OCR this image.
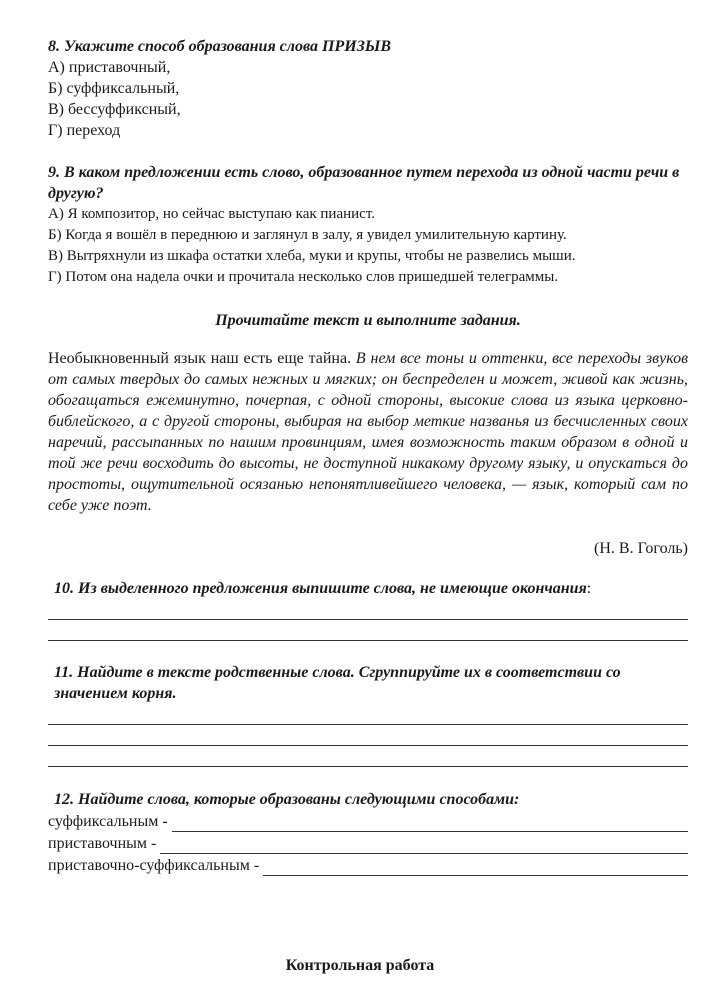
8. Укажите способ образования слова ПРИЗЫВ
А) приставочный,
Б) суффиксальный,
В) бессуффиксный,
Г) переход
9. В каком предложении есть слово, образованное путем перехода из одной части речи в другую?
А) Я композитор, но сейчас выступаю как пианист.
Б) Когда я вошёл в переднюю и заглянул в залу, я увидел умилительную картину.
В) Вытряхнули из шкафа остатки хлеба, муки и крупы, чтобы не развелись мыши.
Г) Потом она надела очки и прочитала несколько слов пришедшей телеграммы.
Прочитайте текст и выполните задания.
Необыкновенный язык наш есть еще тайна. В нем все тоны и оттенки, все переходы звуков от самых твердых до самых нежных и мягких; он беспределен и может, живой как жизнь, обогащаться ежеминутно, почерпая, с одной стороны, высокие слова из языка церковно-библейского, а с другой стороны, выбирая на выбор меткие названья из бесчисленных своих наречий, рассыпанных по нашим провинциям, имея возможность таким образом в одной и той же речи восходить до высоты, не доступной никакому другому языку, и опускаться до простоты, ощутительной осязанью непонятливейшего человека, — язык, который сам по себе уже поэт.
(Н. В. Гоголь)
10. Из выделенного предложения выпишите слова, не имеющие окончания:
11. Найдите в тексте родственные слова. Сгруппируйте их в соответствии со значением корня.
12. Найдите слова, которые образованы следующими способами:
суффиксальным -
приставочным -
приставочно-суффиксальным -
Контрольная работа
